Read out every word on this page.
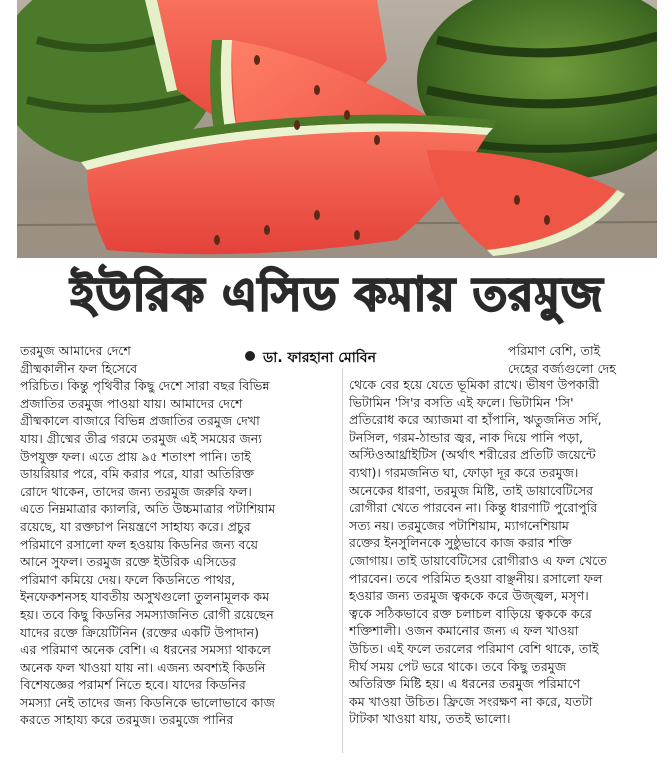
ইউরিক এসিড কমায় তরমুজ
ডা. ফারহানা মোবিন
তরমুজ আমাদের দেশে
গ্রীষ্মকালীন ফল হিসেবে
পরিচিত। কিন্তু পৃথিবীর কিছু দেশে সারা বছর বিভিন্ন
প্রজাতির তরমুজ পাওয়া যায়। আমাদের দেশে
গ্রীষ্মকালে বাজারে বিভিন্ন প্রজাতির তরমুজ দেখা
যায়। গ্রীষ্মের তীব্র গরমে তরমুজ এই সময়ের জন্য
উপযুক্ত ফল। এতে প্রায় ৯৫ শতাংশ পানি। তাই
ডায়রিয়ার পরে, বমি করার পরে, যারা অতিরিক্ত
রোদে থাকেন, তাদের জন্য তরমুজ জরুরি ফল।
এতে নিম্নমাত্রার ক্যালরি, অতি উচ্চমাত্রার পটাশিয়াম
রয়েছে, যা রক্তচাপ নিয়ন্ত্রণে সাহায্য করে। প্রচুর
পরিমাণে রসালো ফল হওয়ায় কিডনির জন্য বয়ে
আনে সুফল। তরমুজ রক্তে ইউরিক এসিডের
পরিমাণ কমিয়ে দেয়। ফলে কিডনিতে পাথর,
ইনফেকশনসহ যাবতীয় অসুখগুলো তুলনামূলক কম
হয়। তবে কিছু কিডনির সমস্যাজনিত রোগী রয়েছেন
যাদের রক্তে ক্রিয়েটিনিন (রক্তের একটি উপাদান)
এর পরিমাণ অনেক বেশি। এ ধরনের সমস্যা থাকলে
অনেক ফল খাওয়া যায় না। এজন্য অবশ্যই কিডনি
বিশেষজ্ঞের পরামর্শ নিতে হবে। যাদের কিডনির
সমস্যা নেই তাদের জন্য কিডনিকে ভালোভাবে কাজ
করতে সাহায্য করে তরমুজ। তরমুজে পানির
পরিমাণ বেশি, তাই
দেহের বর্জ্যগুলো দেহ
থেকে বের হয়ে যেতে ভূমিকা রাখে। ভীষণ উপকারী
ভিটামিন 'সি'র বসতি এই ফলে। ভিটামিন 'সি'
প্রতিরোধ করে অ্যাজমা বা হাঁপানি, ঋতুজনিত সর্দি,
টনসিল, গরম-ঠান্ডার জ্বর, নাক দিয়ে পানি পড়া,
অস্টিওআর্থ্রাইটিস (অর্থাৎ শরীরের প্রতিটি জয়েন্টে
ব্যথা)। গরমজনিত ঘা, ফোড়া দূর করে তরমুজ।
অনেকের ধারণা, তরমুজ মিষ্টি, তাই ডায়াবেটিসের
রোগীরা খেতে পারবেন না। কিন্তু ধারণাটি পুরোপুরি
সত্য নয়। তরমুজের পটাশিয়াম, ম্যাগনেশিয়াম
রক্তের ইনসুলিনকে সুষ্ঠুভাবে কাজ করার শক্তি
জোগায়। তাই ডায়াবেটিসের রোগীরাও এ ফল খেতে
পারবেন। তবে পরিমিত হওয়া বাঞ্ছনীয়। রসালো ফল
হওয়ার জন্য তরমুজ ত্বককে করে উজ্জ্বল, মসৃণ।
ত্বকে সঠিকভাবে রক্ত চলাচল বাড়িয়ে ত্বককে করে
শক্তিশালী। ওজন কমানোর জন্য এ ফল খাওয়া
উচিত। এই ফলে তরলের পরিমাণ বেশি থাকে, তাই
দীর্ঘ সময় পেট ভরে থাকে। তবে কিছু তরমুজ
অতিরিক্ত মিষ্টি হয়। এ ধরনের তরমুজ পরিমাণে
কম খাওয়া উচিত। ফ্রিজে সংরক্ষণ না করে, যতটা
টাটকা খাওয়া যায়, ততই ভালো।
